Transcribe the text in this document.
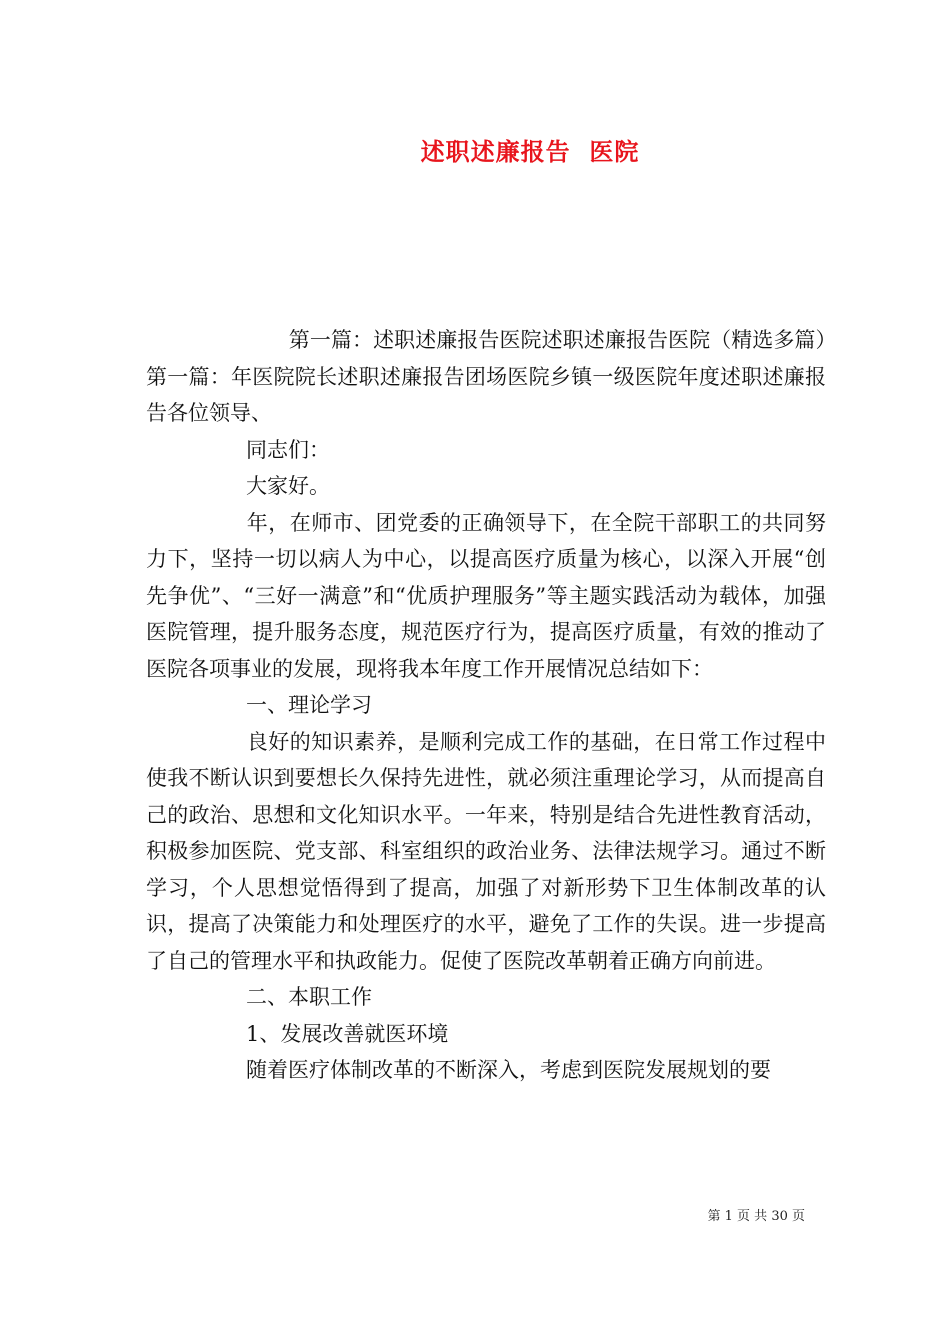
述职述廉报告  医院

第一篇：述职述廉报告医院述职述廉报告医院（精选多篇）第一篇：年医院院长述职述廉报告团场医院乡镇一级医院年度述职述廉报告各位领导、

同志们：

大家好。

年，在师市、团党委的正确领导下，在全院干部职工的共同努力下，坚持一切以病人为中心，以提高医疗质量为核心，以深入开展“创先争优”、“三好一满意”和“优质护理服务”等主题实践活动为载体，加强医院管理，提升服务态度，规范医疗行为，提高医疗质量，有效的推动了医院各项事业的发展，现将我本年度工作开展情况总结如下：

一、理论学习

良好的知识素养，是顺利完成工作的基础，在日常工作过程中使我不断认识到要想长久保持先进性，就必须注重理论学习，从而提高自己的政治、思想和文化知识水平。一年来，特别是结合先进性教育活动，积极参加医院、党支部、科室组织的政治业务、法律法规学习。通过不断学习，个人思想觉悟得到了提高，加强了对新形势下卫生体制改革的认识，提高了决策能力和处理医疗的水平，避免了工作的失误。进一步提高了自己的管理水平和执政能力。促使了医院改革朝着正确方向前进。

二、本职工作

1、发展改善就医环境

随着医疗体制改革的不断深入，考虑到医院发展规划的要

第 1 页 共 30 页
